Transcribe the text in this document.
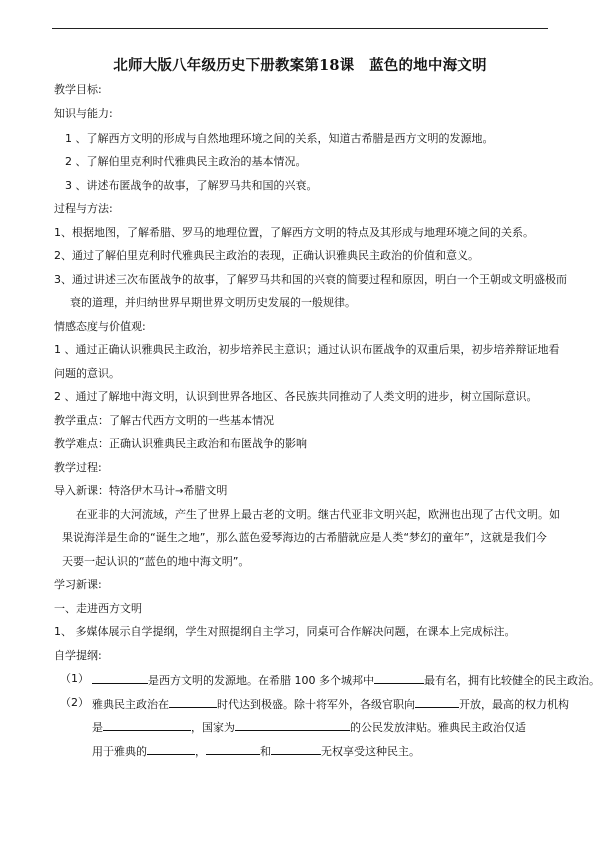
北师大版八年级历史下册教案第18课　蓝色的地中海文明
教学目标:
知识与能力:
1 、了解西方文明的形成与自然地理环境之间的关系，知道古希腊是西方文明的发源地。
2 、了解伯里克利时代雅典民主政治的基本情况。
3 、讲述布匿战争的故事，了解罗马共和国的兴衰。
过程与方法:
1、根据地图，了解希腊、罗马的地理位置，了解西方文明的特点及其形成与地理环境之间的关系。
2、通过了解伯里克利时代雅典民主政治的表现，正确认识雅典民主政治的价值和意义。
3、通过讲述三次布匿战争的故事，了解罗马共和国的兴衰的简要过程和原因，明白一个王朝或文明盛极而
衰的道理，并归纳世界早期世界文明历史发展的一般规律。
情感态度与价值观:
1 、通过正确认识雅典民主政治，初步培养民主意识；通过认识布匿战争的双重后果，初步培养辩证地看
问题的意识。
2 、通过了解地中海文明，认识到世界各地区、各民族共同推动了人类文明的进步，树立国际意识。
教学重点：了解古代西方文明的一些基本情况
教学难点：正确认识雅典民主政治和布匿战争的影响
教学过程:
导入新课：特洛伊木马计→希腊文明
在亚非的大河流域，产生了世界上最古老的文明。继古代亚非文明兴起，欧洲也出现了古代文明。如
果说海洋是生命的“诞生之地”，那么蓝色爱琴海边的古希腊就应是人类“梦幻的童年”，这就是我们今
天要一起认识的“蓝色的地中海文明”。
学习新课:
一、走进西方文明
1、 多媒体展示自学提纲，学生对照提纲自主学习，同桌可合作解决问题，在课本上完成标注。
自学提纲:
（1）	是西方文明的发源地。在希腊 100 多个城邦中	最有名，拥有比较健全的民主政治。
（2） 雅典民主政治在	时代达到极盛。除十将军外，各级官职向	开放，最高的权力机构
是	，国家为	的公民发放津贴。雅典民主政治仅适
用于雅典的	，	和	无权享受这种民主。
